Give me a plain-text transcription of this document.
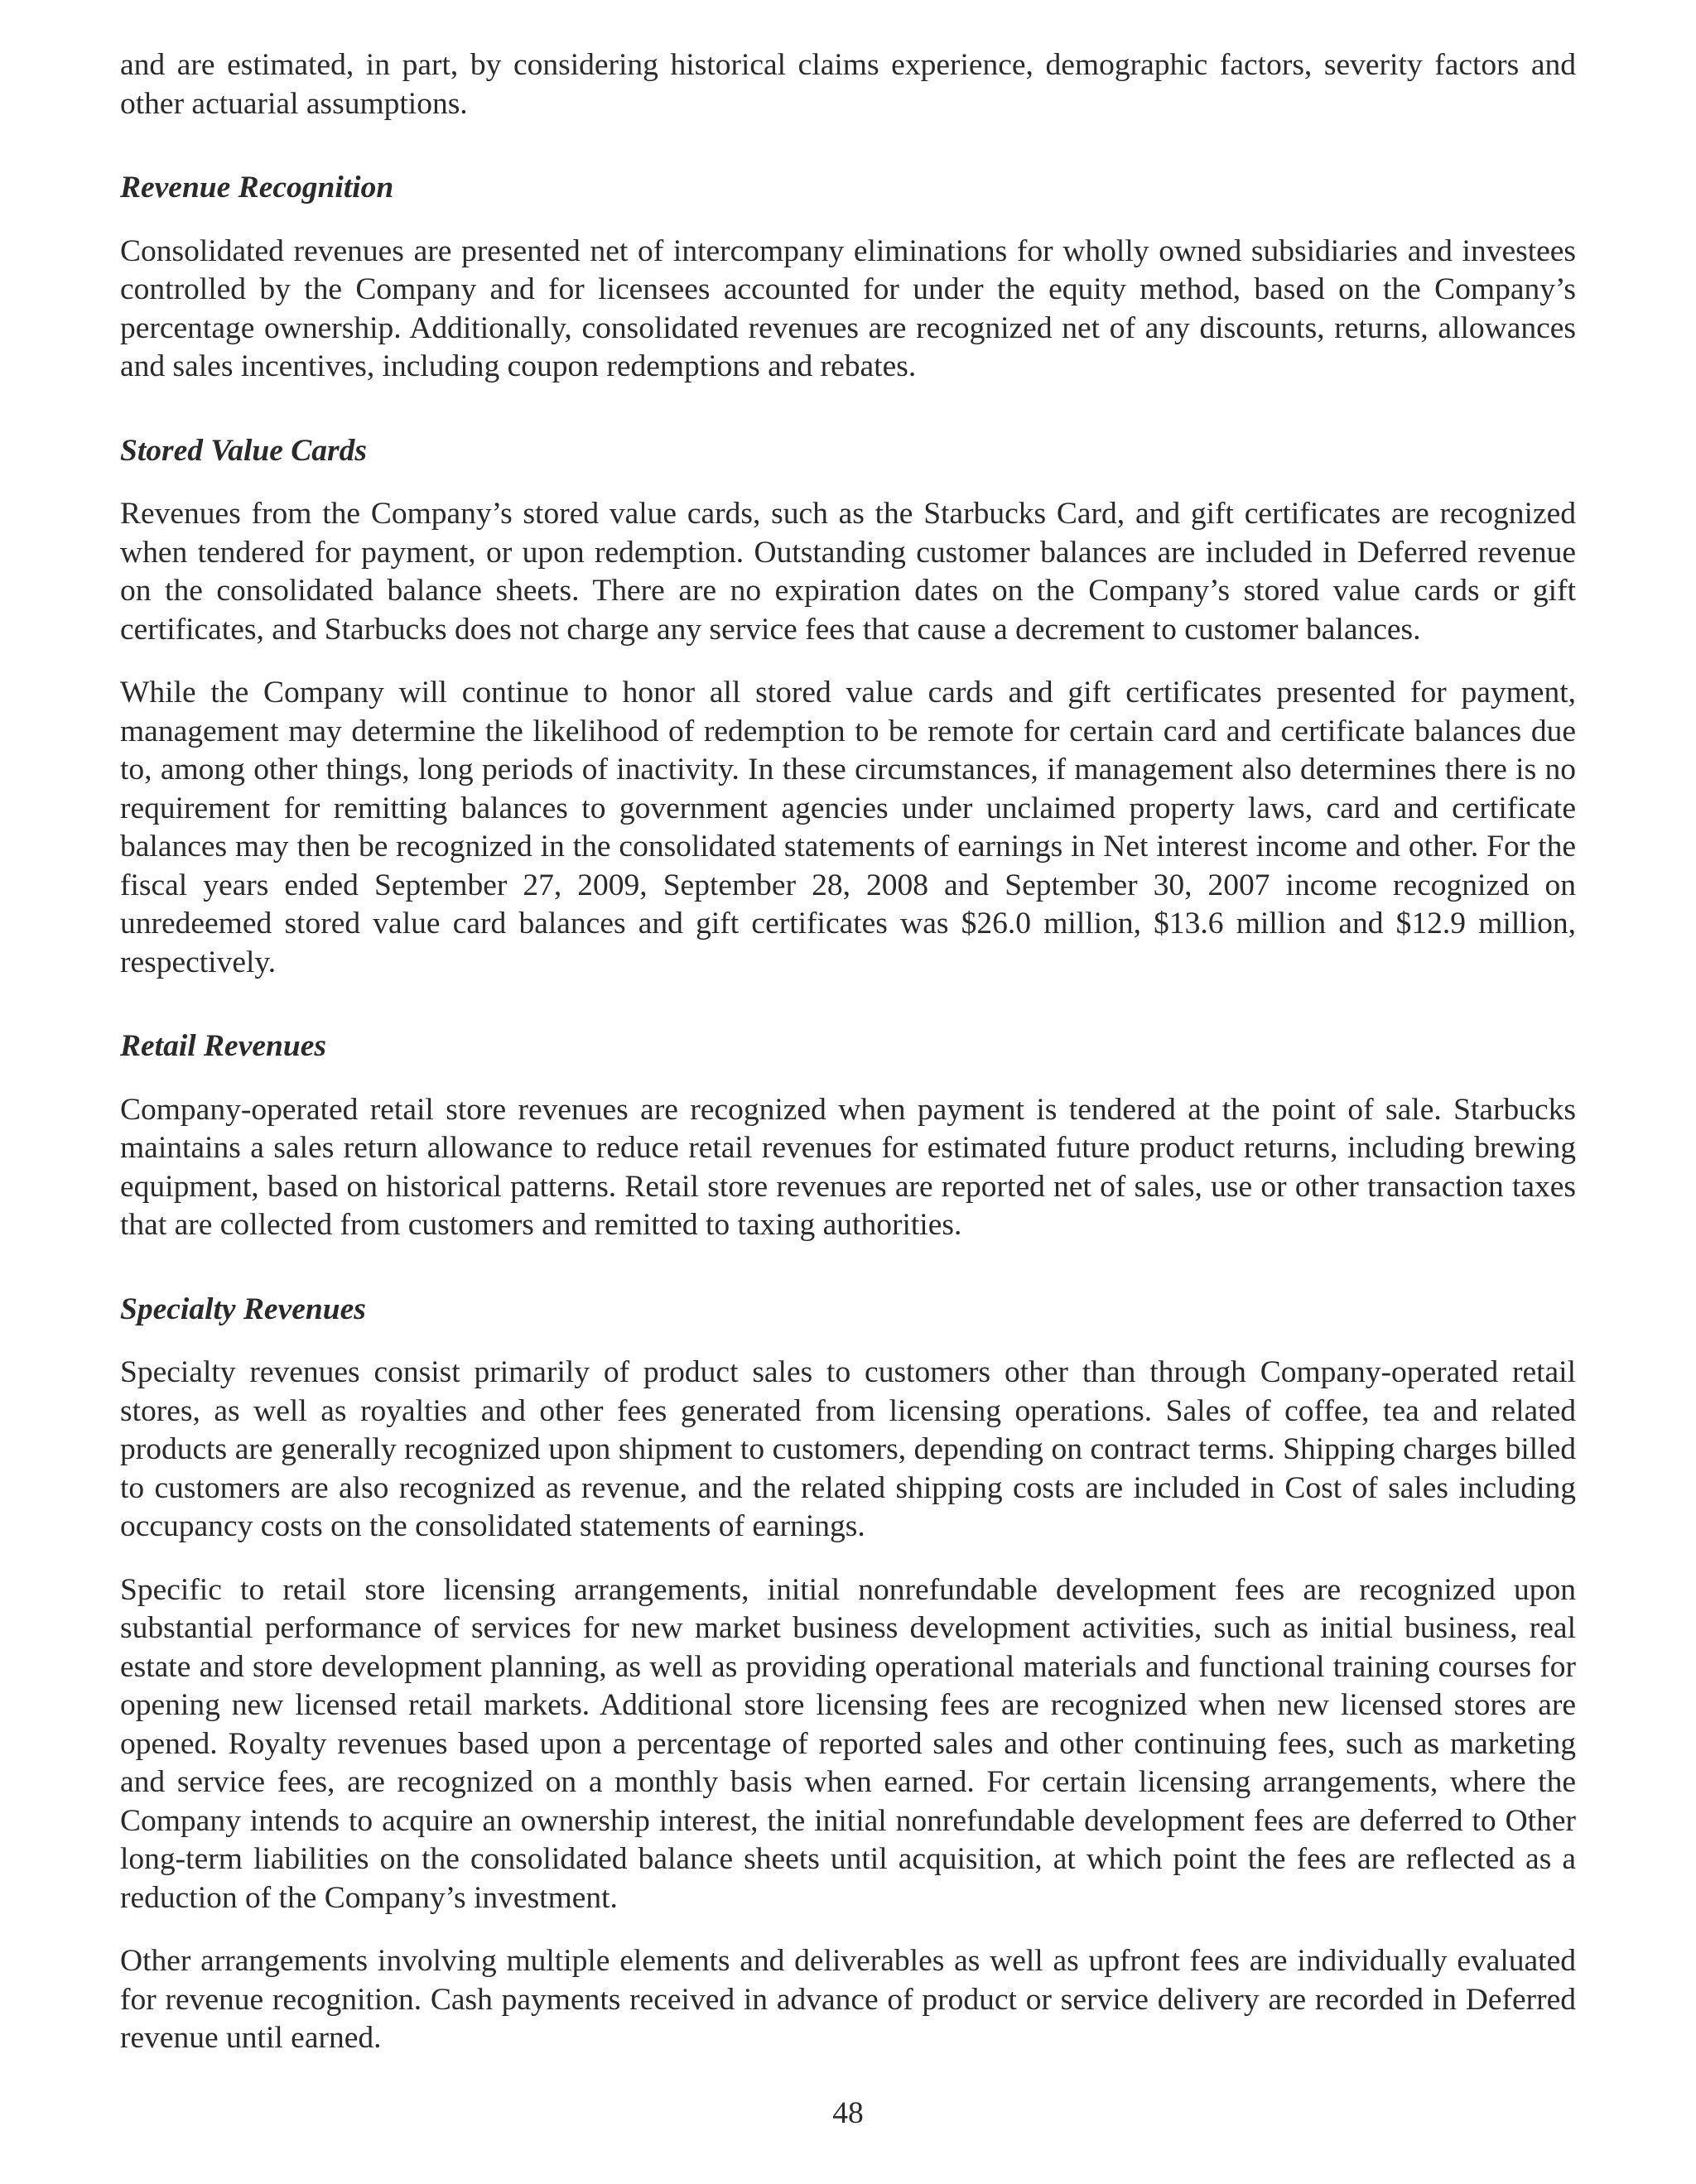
and are estimated, in part, by considering historical claims experience, demographic factors, severity factors and other actuarial assumptions.

Revenue Recognition

Consolidated revenues are presented net of intercompany eliminations for wholly owned subsidiaries and investees controlled by the Company and for licensees accounted for under the equity method, based on the Company’s percentage ownership. Additionally, consolidated revenues are recognized net of any discounts, returns, allowances and sales incentives, including coupon redemptions and rebates.

Stored Value Cards

Revenues from the Company’s stored value cards, such as the Starbucks Card, and gift certificates are recognized when tendered for payment, or upon redemption. Outstanding customer balances are included in Deferred revenue on the consolidated balance sheets. There are no expiration dates on the Company’s stored value cards or gift certificates, and Starbucks does not charge any service fees that cause a decrement to customer balances.

While the Company will continue to honor all stored value cards and gift certificates presented for payment, management may determine the likelihood of redemption to be remote for certain card and certificate balances due to, among other things, long periods of inactivity. In these circumstances, if management also determines there is no requirement for remitting balances to government agencies under unclaimed property laws, card and certificate balances may then be recognized in the consolidated statements of earnings in Net interest income and other. For the fiscal years ended September 27, 2009, September 28, 2008 and September 30, 2007 income recognized on unredeemed stored value card balances and gift certificates was $26.0 million, $13.6 million and $12.9 million, respectively.

Retail Revenues

Company-operated retail store revenues are recognized when payment is tendered at the point of sale. Starbucks maintains a sales return allowance to reduce retail revenues for estimated future product returns, including brewing equipment, based on historical patterns. Retail store revenues are reported net of sales, use or other transaction taxes that are collected from customers and remitted to taxing authorities.

Specialty Revenues

Specialty revenues consist primarily of product sales to customers other than through Company-operated retail stores, as well as royalties and other fees generated from licensing operations. Sales of coffee, tea and related products are generally recognized upon shipment to customers, depending on contract terms. Shipping charges billed to customers are also recognized as revenue, and the related shipping costs are included in Cost of sales including occupancy costs on the consolidated statements of earnings.

Specific to retail store licensing arrangements, initial nonrefundable development fees are recognized upon substantial performance of services for new market business development activities, such as initial business, real estate and store development planning, as well as providing operational materials and functional training courses for opening new licensed retail markets. Additional store licensing fees are recognized when new licensed stores are opened. Royalty revenues based upon a percentage of reported sales and other continuing fees, such as marketing and service fees, are recognized on a monthly basis when earned. For certain licensing arrangements, where the Company intends to acquire an ownership interest, the initial nonrefundable development fees are deferred to Other long-term liabilities on the consolidated balance sheets until acquisition, at which point the fees are reflected as a reduction of the Company’s investment.

Other arrangements involving multiple elements and deliverables as well as upfront fees are individually evaluated for revenue recognition. Cash payments received in advance of product or service delivery are recorded in Deferred revenue until earned.

48
